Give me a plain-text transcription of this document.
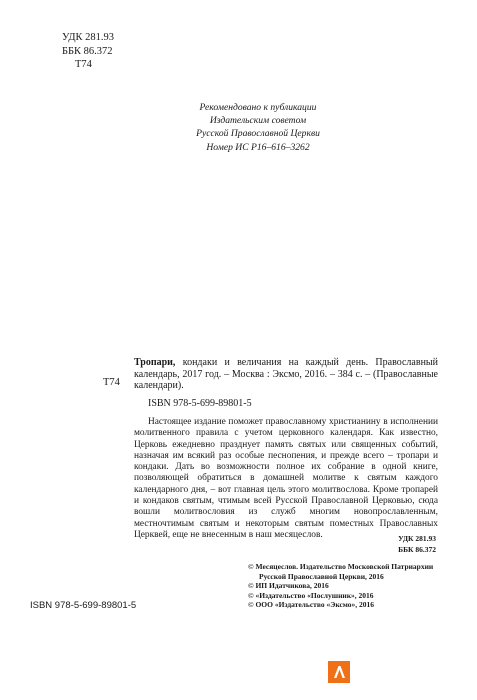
УДК 281.93
ББК 86.372
Т74
Рекомендовано к публикации
Издательским советом
Русской Православной Церкви
Номер ИС Р16–616–3262
Т74
Тропари, кондаки и величания на каждый день. Православный календарь, 2017 год. – Москва : Эксмо, 2016. – 384 с. – (Православные календари).
ISBN 978-5-699-89801-5
Настоящее издание поможет православному христианину в исполнении молитвенного правила с учетом церковного календаря. Как известно, Церковь ежедневно празднует память святых или священных событий, назначая им всякий раз особые песнопения, и прежде всего – тропари и кондаки. Дать во возможности полное их собрание в одной книге, позволяющей обратиться в домашней молитве к святым каждого календарного дня, – вот главная цель этого молитвослова. Кроме тропарей и кондаков святым, чтимым всей Русской Православной Церковью, сюда вошли молитвословия из служб многим новопрославленным, местночтимым святым и некоторым святым поместных Православных Церквей, еще не внесенным в наш месяцеслов.	УДК 281.93
ББК 86.372
© Месяцеслов. Издательство Московской Патриархии
Русской Православной Церкви, 2016
© ИП Идатчикова, 2016
© «Издательство «Послушник», 2016
© ООО «Издательство «Эксмо», 2016
ISBN 978-5-699-89801-5
